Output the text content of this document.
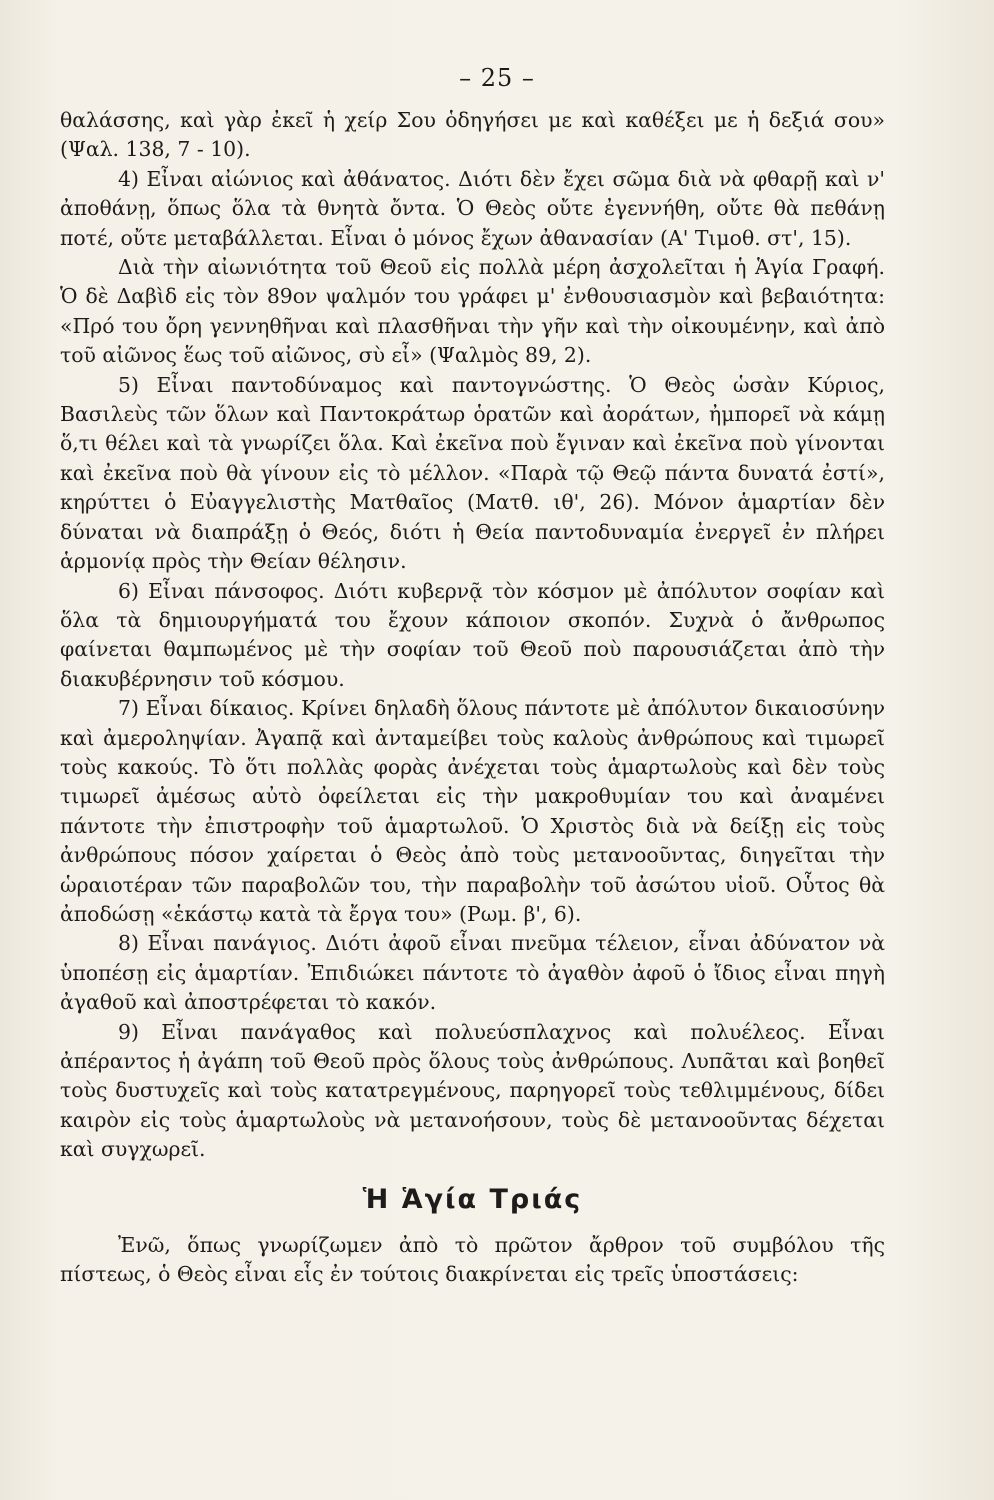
– 25 –

θαλάσσης, καὶ γὰρ ἐκεῖ ἡ χείρ Σου ὁδηγήσει με καὶ καθέξει με ἡ δεξιά σου» (Ψαλ. 138, 7 - 10).

4) Εἶναι αἰώνιος καὶ ἀθάνατος. Διότι δὲν ἔχει σῶμα διὰ νὰ φθαρῇ καὶ ν' ἀποθάνῃ, ὅπως ὅλα τὰ θνητὰ ὄντα. Ὁ Θεὸς οὔτε ἐγεννήθη, οὔτε θὰ πεθάνῃ ποτέ, οὔτε μεταβάλλεται. Εἶναι ὁ μόνος ἔχων ἀθανασίαν (Α' Τιμοθ. στ', 15).

Διὰ τὴν αἰωνιότητα τοῦ Θεοῦ εἰς πολλὰ μέρη ἀσχολεῖται ἡ Ἁγία Γραφή. Ὁ δὲ Δαβὶδ εἰς τὸν 89ον ψαλμόν του γράφει μ' ἐνθουσιασμὸν καὶ βεβαιότητα: «Πρό του ὄρη γεννηθῆναι καὶ πλασθῆναι τὴν γῆν καὶ τὴν οἰκουμένην, καὶ ἀπὸ τοῦ αἰῶνος ἕως τοῦ αἰῶνος, σὺ εἶ» (Ψαλμὸς 89, 2).

5) Εἶναι παντοδύναμος καὶ παντογνώστης. Ὁ Θεὸς ὡσὰν Κύριος, Βασιλεὺς τῶν ὅλων καὶ Παντοκράτωρ ὁρατῶν καὶ ἀοράτων, ἠμπορεῖ νὰ κάμῃ ὅ,τι θέλει καὶ τὰ γνωρίζει ὅλα. Καὶ ἐκεῖνα ποὺ ἔγιναν καὶ ἐκεῖνα ποὺ γίνονται καὶ ἐκεῖνα ποὺ θὰ γίνουν εἰς τὸ μέλλον. «Παρὰ τῷ Θεῷ πάντα δυνατά ἐστί», κηρύττει ὁ Εὐαγγελιστὴς Ματθαῖος (Ματθ. ιθ', 26). Μόνον ἁμαρτίαν δὲν δύναται νὰ διαπράξῃ ὁ Θεός, διότι ἡ Θεία παντοδυναμία ἐνεργεῖ ἐν πλήρει ἁρμονίᾳ πρὸς τὴν Θείαν θέλησιν.

6) Εἶναι πάνσοφος. Διότι κυβερνᾷ τὸν κόσμον μὲ ἀπόλυτον σοφίαν καὶ ὅλα τὰ δημιουργήματά του ἔχουν κάποιον σκοπόν. Συχνὰ ὁ ἄνθρωπος φαίνεται θαμπωμένος μὲ τὴν σοφίαν τοῦ Θεοῦ ποὺ παρουσιάζεται ἀπὸ τὴν διακυβέρνησιν τοῦ κόσμου.

7) Εἶναι δίκαιος. Κρίνει δηλαδὴ ὅλους πάντοτε μὲ ἀπόλυτον δικαιοσύνην καὶ ἀμεροληψίαν. Ἀγαπᾷ καὶ ἀνταμείβει τοὺς καλοὺς ἀνθρώπους καὶ τιμωρεῖ τοὺς κακούς. Τὸ ὅτι πολλὰς φορὰς ἀνέχεται τοὺς ἁμαρτωλοὺς καὶ δὲν τοὺς τιμωρεῖ ἀμέσως αὐτὸ ὀφείλεται εἰς τὴν μακροθυμίαν του καὶ ἀναμένει πάντοτε τὴν ἐπιστροφὴν τοῦ ἁμαρτωλοῦ. Ὁ Χριστὸς διὰ νὰ δείξῃ εἰς τοὺς ἀνθρώπους πόσον χαίρεται ὁ Θεὸς ἀπὸ τοὺς μετανοοῦντας, διηγεῖται τὴν ὡραιοτέραν τῶν παραβολῶν του, τὴν παραβολὴν τοῦ ἀσώτου υἱοῦ. Οὗτος θὰ ἀποδώσῃ «ἑκάστῳ κατὰ τὰ ἔργα του» (Ρωμ. β', 6).

8) Εἶναι πανάγιος. Διότι ἀφοῦ εἶναι πνεῦμα τέλειον, εἶναι ἀδύνατον νὰ ὑποπέσῃ εἰς ἁμαρτίαν. Ἐπιδιώκει πάντοτε τὸ ἀγαθὸν ἀφοῦ ὁ ἴδιος εἶναι πηγὴ ἀγαθοῦ καὶ ἀποστρέφεται τὸ κακόν.

9) Εἶναι πανάγαθος καὶ πολυεύσπλαχνος καὶ πολυέλεος. Εἶναι ἀπέραντος ἡ ἀγάπη τοῦ Θεοῦ πρὸς ὅλους τοὺς ἀνθρώπους. Λυπᾶται καὶ βοηθεῖ τοὺς δυστυχεῖς καὶ τοὺς κατατρεγμένους, παρηγορεῖ τοὺς τεθλιμμένους, δίδει καιρὸν εἰς τοὺς ἁμαρτωλοὺς νὰ μετανοήσουν, τοὺς δὲ μετανοοῦντας δέχεται καὶ συγχωρεῖ.

Ἡ Ἁγία Τριάς

Ἐνῶ, ὅπως γνωρίζωμεν ἀπὸ τὸ πρῶτον ἄρθρον τοῦ συμβόλου τῆς πίστεως, ὁ Θεὸς εἶναι εἷς ἐν τούτοις διακρίνεται εἰς τρεῖς ὑποστάσεις:
